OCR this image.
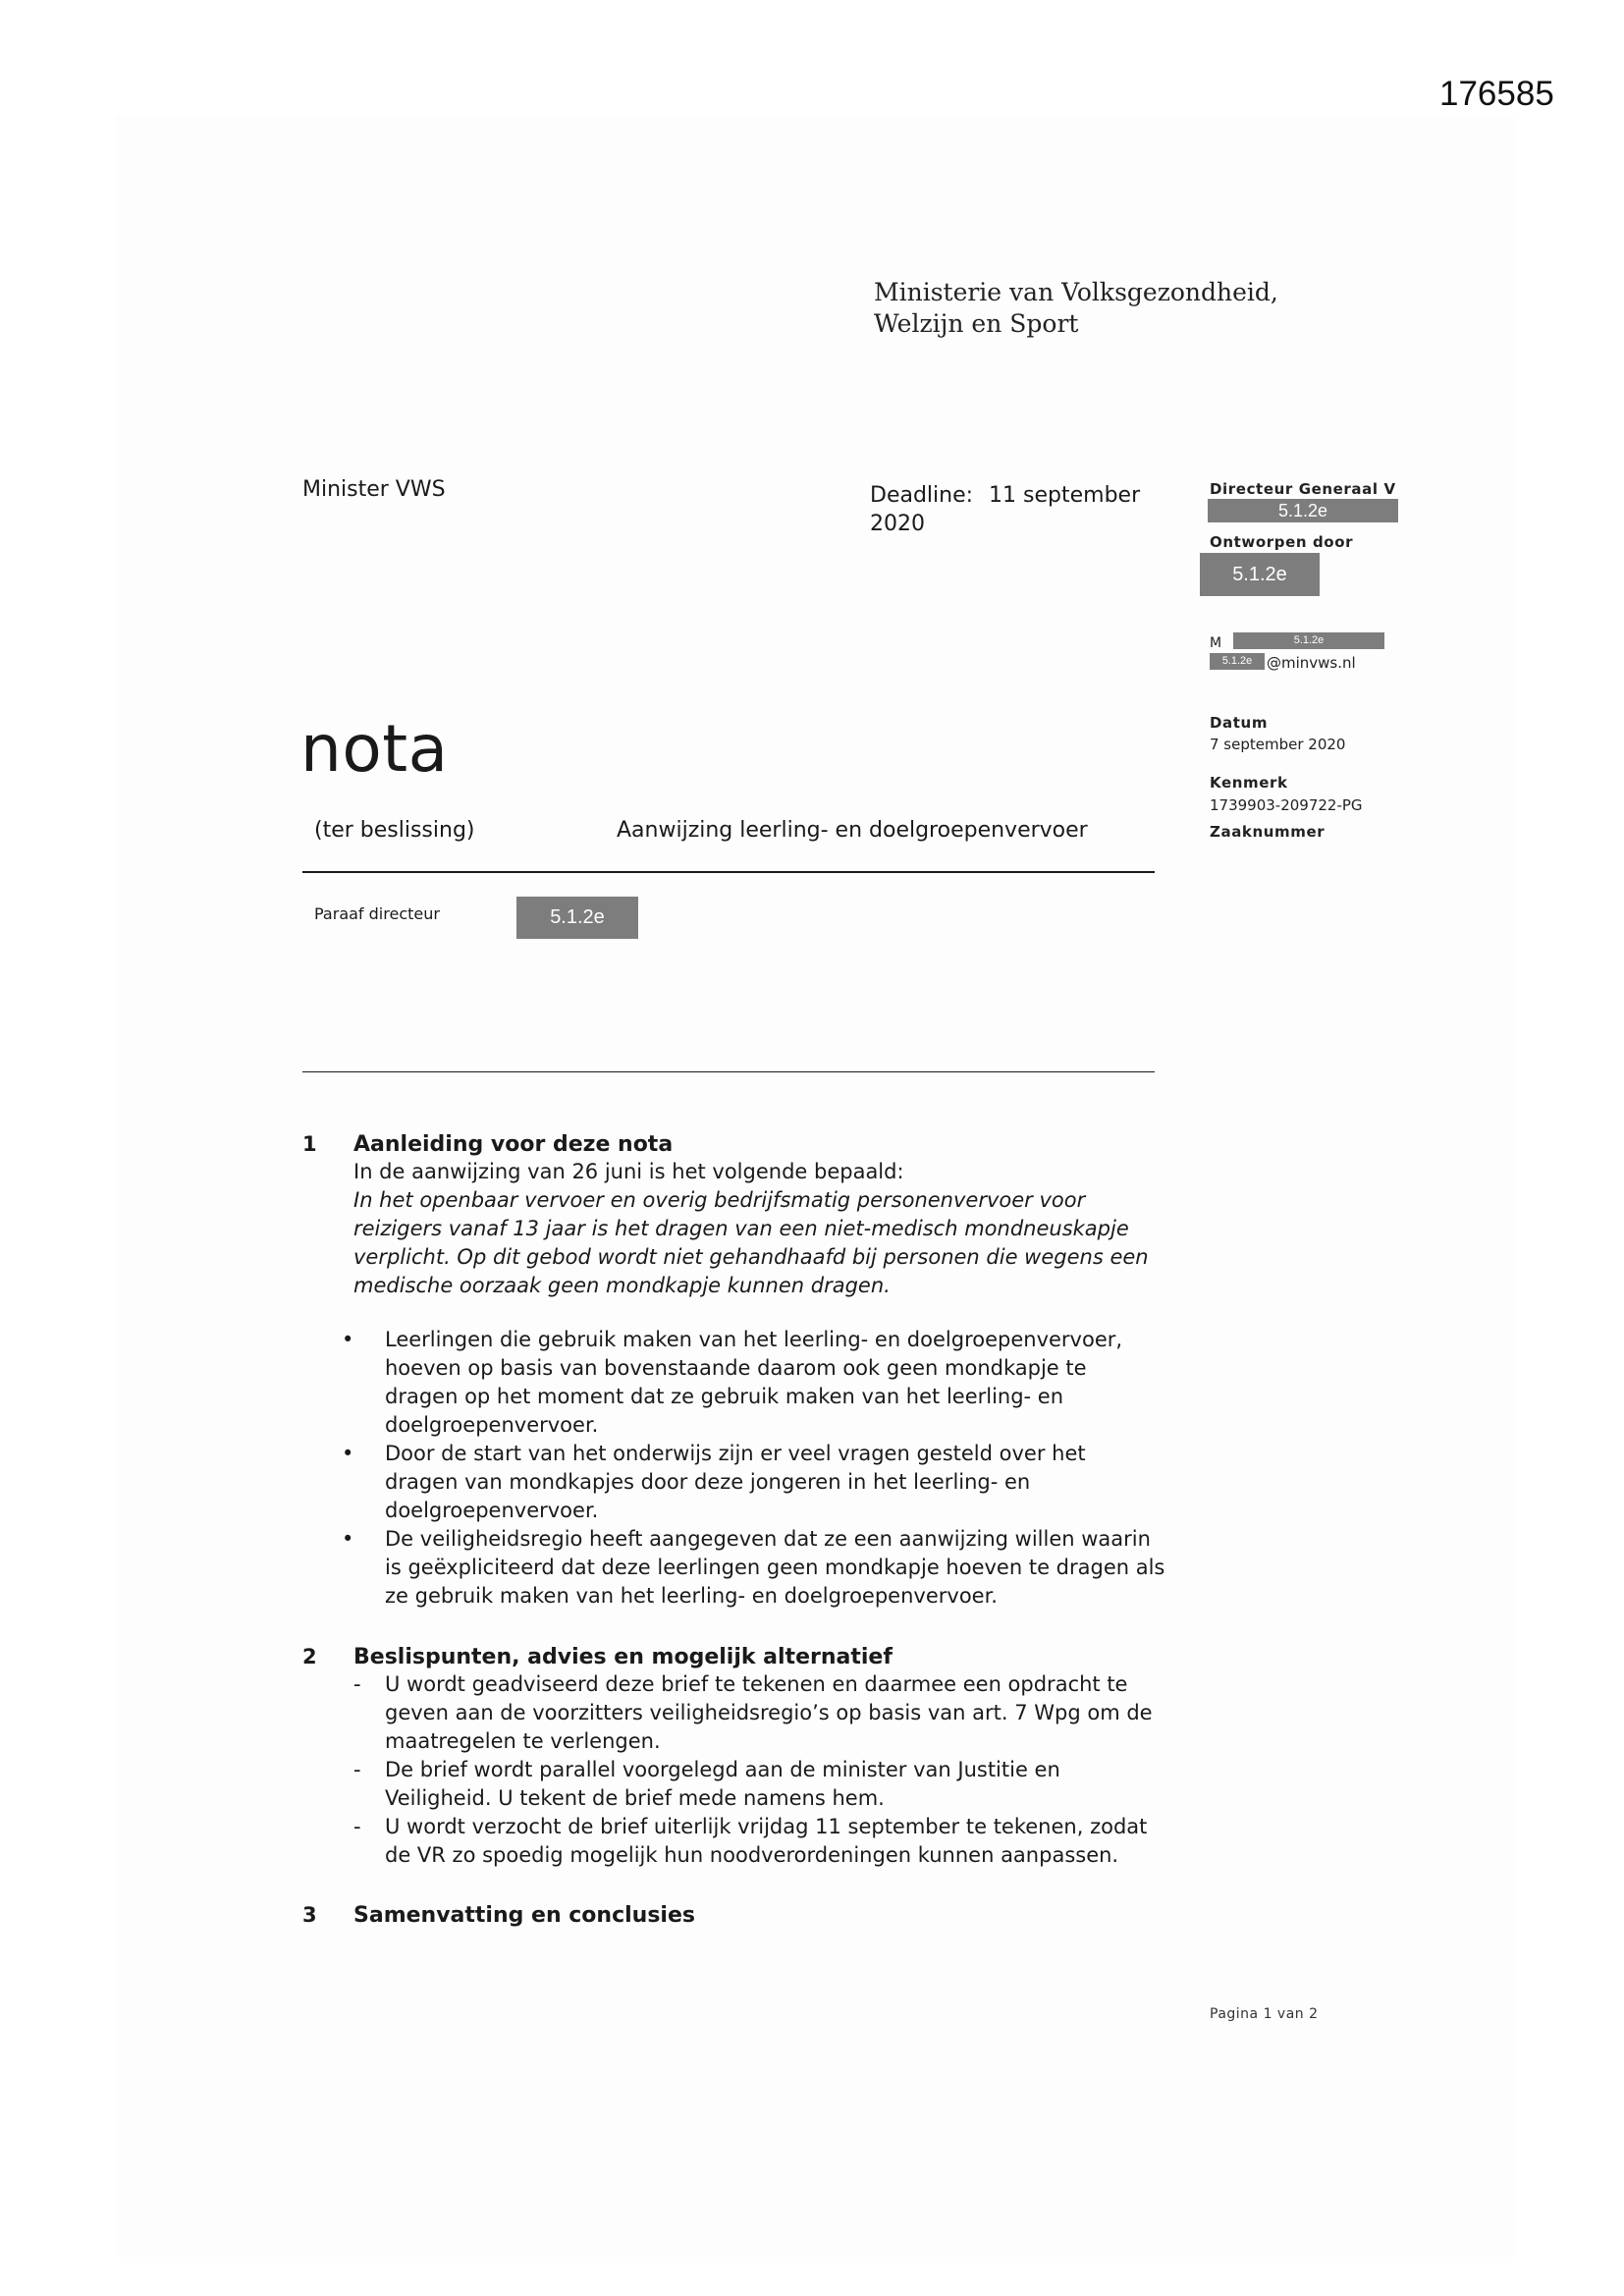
176585
Ministerie van Volksgezondheid,
Welzijn en Sport
Minister VWS	Deadline: 11 september
2020
Directeur Generaal V
5.1.2e
Ontworpen door
5.1.2e
M	5.1.2e
5.1.2e @minvws.nl
Datum
7 september 2020
Kenmerk
1739903-209722-PG
Zaaknummer
nota
(ter beslissing)	Aanwijzing leerling- en doelgroepenvervoer
Paraaf directeur	5.1.2e
1 Aanleiding voor deze nota
In de aanwijzing van 26 juni is het volgende bepaald:
In het openbaar vervoer en overig bedrijfsmatig personenvervoer voor
reizigers vanaf 13 jaar is het dragen van een niet-medisch mondneuskapje
verplicht. Op dit gebod wordt niet gehandhaafd bij personen die wegens een
medische oorzaak geen mondkapje kunnen dragen.
• Leerlingen die gebruik maken van het leerling- en doelgroepenvervoer,
hoeven op basis van bovenstaande daarom ook geen mondkapje te
dragen op het moment dat ze gebruik maken van het leerling- en
doelgroepenvervoer.
• Door de start van het onderwijs zijn er veel vragen gesteld over het
dragen van mondkapjes door deze jongeren in het leerling- en
doelgroepenvervoer.
• De veiligheidsregio heeft aangegeven dat ze een aanwijzing willen waarin
is geëxpliciteerd dat deze leerlingen geen mondkapje hoeven te dragen als
ze gebruik maken van het leerling- en doelgroepenvervoer.
2 Beslispunten, advies en mogelijk alternatief
- U wordt geadviseerd deze brief te tekenen en daarmee een opdracht te
geven aan de voorzitters veiligheidsregio’s op basis van art. 7 Wpg om de
maatregelen te verlengen.
- De brief wordt parallel voorgelegd aan de minister van Justitie en
Veiligheid. U tekent de brief mede namens hem.
- U wordt verzocht de brief uiterlijk vrijdag 11 september te tekenen, zodat
de VR zo spoedig mogelijk hun noodverordeningen kunnen aanpassen.
3 Samenvatting en conclusies
Pagina 1 van 2
